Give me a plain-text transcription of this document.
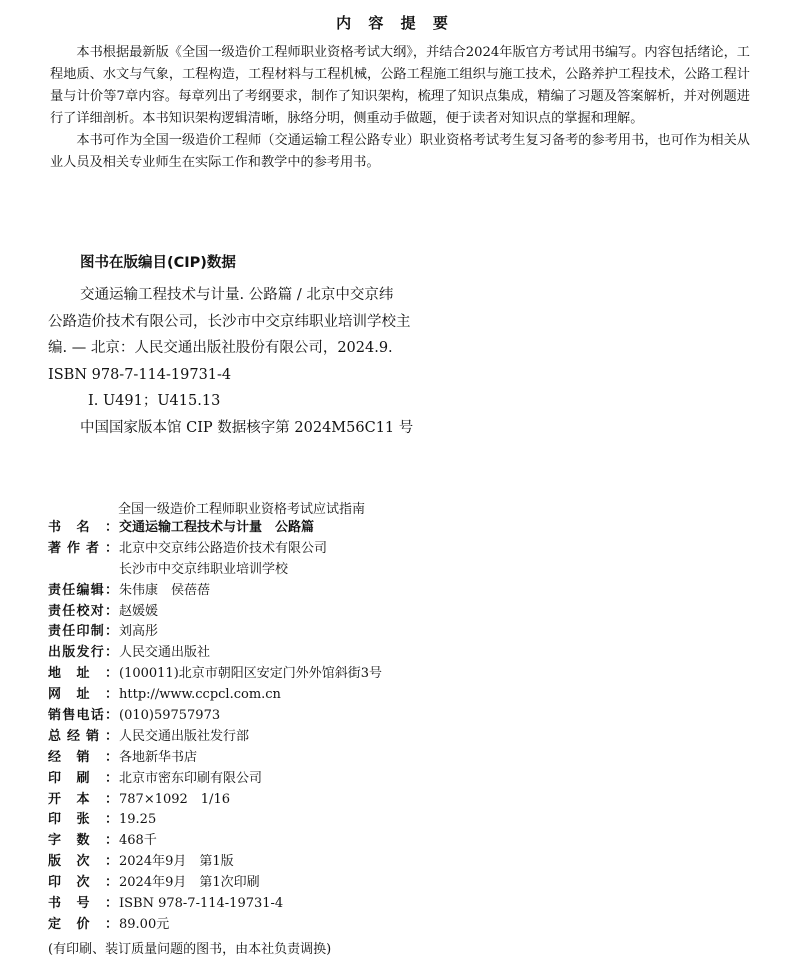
内 容 提 要

本书根据最新版《全国一级造价工程师职业资格考试大纲》，并结合2024年版官方考试用书编写。内容包括绪论，工程地质、水文与气象，工程构造，工程材料与工程机械，公路工程施工组织与施工技术，公路养护工程技术，公路工程计量与计价等7章内容。每章列出了考纲要求，制作了知识架构，梳理了知识点集成，精编了习题及答案解析，并对例题进行了详细剖析。本书知识架构逻辑清晰，脉络分明，侧重动手做题，便于读者对知识点的掌握和理解。

本书可作为全国一级造价工程师（交通运输工程公路专业）职业资格考试考生复习备考的参考用书，也可作为相关从业人员及相关专业师生在实际工作和教学中的参考用书。

图书在版编目(CIP)数据
交通运输工程技术与计量. 公路篇 / 北京中交京纬
公路造价技术有限公司，长沙市中交京纬职业培训学校主
编. — 北京：人民交通出版社股份有限公司，2024.9.
ISBN 978-7-114-19731-4
Ⅰ. U491；U415.13
中国国家版本馆 CIP 数据核字第 2024M56C11 号
全国一级造价工程师职业资格考试应试指南
书 名 ： 交通运输工程技术与计量　公路篇
著 作 者 ： 北京中交京纬公路造价技术有限公司
长沙市中交京纬职业培训学校
责 任 编 辑 ： 朱伟康　侯蓓蓓
责 任 校 对 ： 赵媛媛
责 任 印 制 ： 刘高彤
出 版 发 行 ： 人民交通出版社
地 址 ： (100011)北京市朝阳区安定门外外馆斜街3号
网 址 ： http://www.ccpcl.com.cn
销 售 电 话 ： (010)59757973
总 经 销 ： 人民交通出版社发行部
经 销 ： 各地新华书店
印 刷 ： 北京市密东印刷有限公司
开 本 ： 787×1092　1/16
印 张 ： 19.25
字 数 ： 468千
版 次 ： 2024年9月　第1版
印 次 ： 2024年9月　第1次印刷
书 号 ： ISBN 978-7-114-19731-4
定 价 ： 89.00元
(有印刷、装订质量问题的图书，由本社负责调换)
